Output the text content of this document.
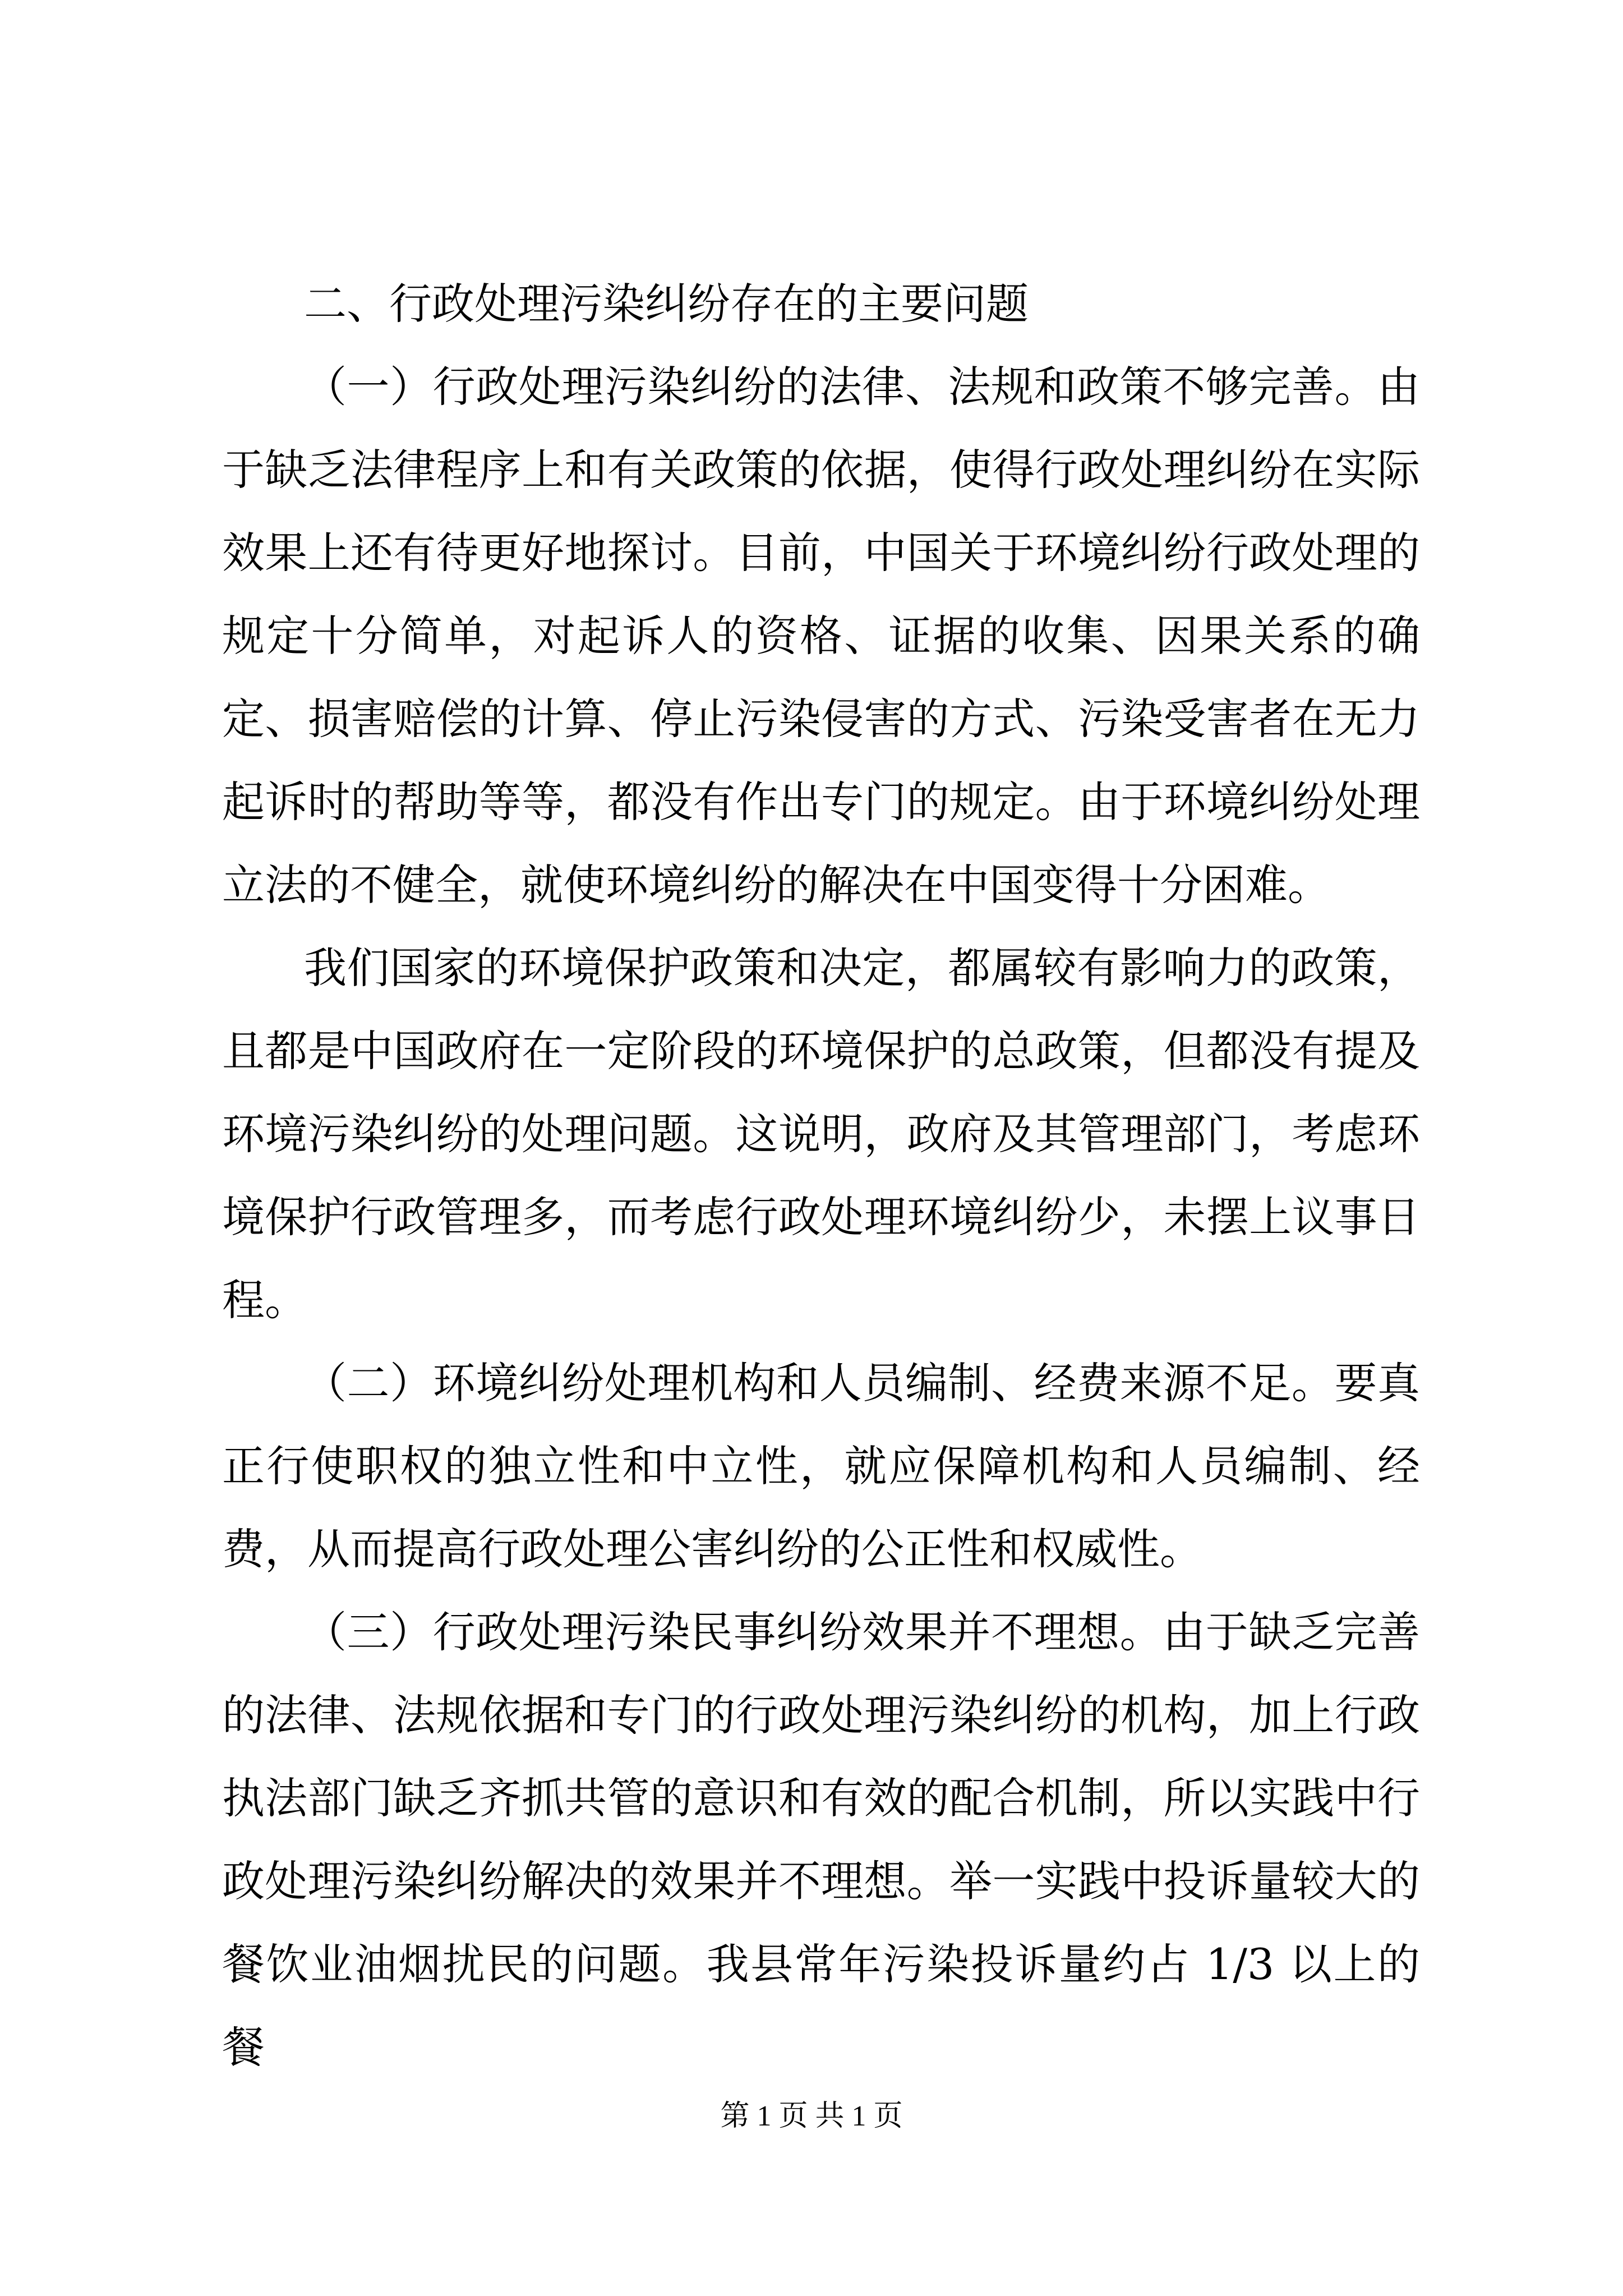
二、行政处理污染纠纷存在的主要问题

（一）行政处理污染纠纷的法律、法规和政策不够完善。由于缺乏法律程序上和有关政策的依据，使得行政处理纠纷在实际效果上还有待更好地探讨。目前，中国关于环境纠纷行政处理的规定十分简单，对起诉人的资格、证据的收集、因果关系的确定、损害赔偿的计算、停止污染侵害的方式、污染受害者在无力起诉时的帮助等等，都没有作出专门的规定。由于环境纠纷处理立法的不健全，就使环境纠纷的解决在中国变得十分困难。

我们国家的环境保护政策和决定，都属较有影响力的政策，且都是中国政府在一定阶段的环境保护的总政策，但都没有提及环境污染纠纷的处理问题。这说明，政府及其管理部门，考虑环境保护行政管理多，而考虑行政处理环境纠纷少，未摆上议事日程。

（二）环境纠纷处理机构和人员编制、经费来源不足。要真正行使职权的独立性和中立性，就应保障机构和人员编制、经费，从而提高行政处理公害纠纷的公正性和权威性。

（三）行政处理污染民事纠纷效果并不理想。由于缺乏完善的法律、法规依据和专门的行政处理污染纠纷的机构，加上行政执法部门缺乏齐抓共管的意识和有效的配合机制，所以实践中行政处理污染纠纷解决的效果并不理想。举一实践中投诉量较大的餐饮业油烟扰民的问题。我县常年污染投诉量约占 1/3 以上的餐

第 1 页 共 1 页
